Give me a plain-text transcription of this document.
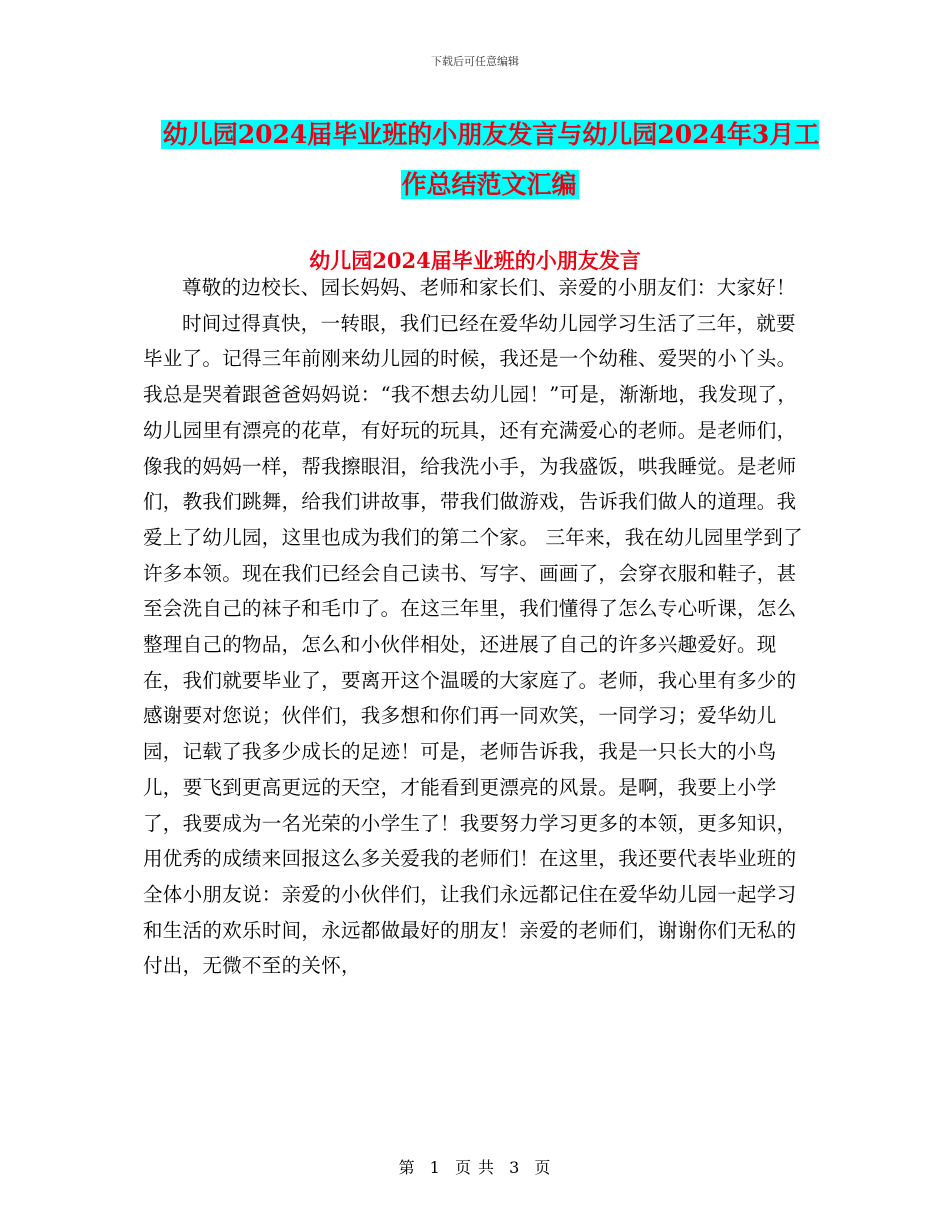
下载后可任意编辑
幼儿园2024届毕业班的小朋友发言与幼儿园2024年3月工作总结范文汇编
幼儿园2024届毕业班的小朋友发言

尊敬的边校长、园长妈妈、老师和家长们、亲爱的小朋友们：大家好！

时间过得真快，一转眼，我们已经在爱华幼儿园学习生活了三年，就要毕业了。记得三年前刚来幼儿园的时候，我还是一个幼稚、爱哭的小丫头。我总是哭着跟爸爸妈妈说：“我不想去幼儿园！”可是，渐渐地，我发现了，幼儿园里有漂亮的花草，有好玩的玩具，还有充满爱心的老师。是老师们，像我的妈妈一样，帮我擦眼泪，给我洗小手，为我盛饭，哄我睡觉。是老师们，教我们跳舞，给我们讲故事，带我们做游戏，告诉我们做人的道理。我爱上了幼儿园，这里也成为我们的第二个家。 三年来，我在幼儿园里学到了许多本领。现在我们已经会自己读书、写字、画画了，会穿衣服和鞋子，甚至会洗自己的袜子和毛巾了。在这三年里，我们懂得了怎么专心听课，怎么整理自己的物品，怎么和小伙伴相处，还进展了自己的许多兴趣爱好。现在，我们就要毕业了，要离开这个温暖的大家庭了。老师，我心里有多少的感谢要对您说；伙伴们，我多想和你们再一同欢笑，一同学习；爱华幼儿园，记载了我多少成长的足迹！可是，老师告诉我，我是一只长大的小鸟儿，要飞到更高更远的天空，才能看到更漂亮的风景。是啊，我要上小学了，我要成为一名光荣的小学生了！我要努力学习更多的本领，更多知识，用优秀的成绩来回报这么多关爱我的老师们！在这里，我还要代表毕业班的全体小朋友说：亲爱的小伙伴们，让我们永远都记住在爱华幼儿园一起学习和生活的欢乐时间，永远都做最好的朋友！亲爱的老师们，谢谢你们无私的付出，无微不至的关怀，

第 1 页 共 3 页
